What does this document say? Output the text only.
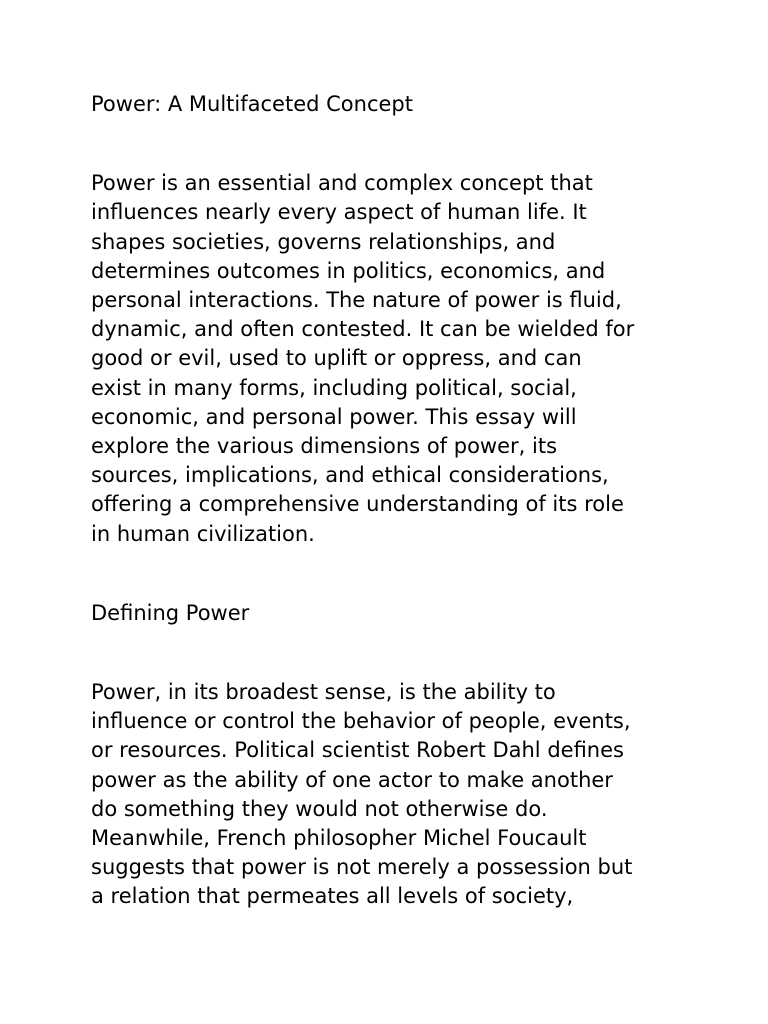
Power: A Multifaceted Concept

Power is an essential and complex concept that

influences nearly every aspect of human life. It

shapes societies, governs relationships, and

determines outcomes in politics, economics, and

personal interactions. The nature of power is fluid,

dynamic, and often contested. It can be wielded for

good or evil, used to uplift or oppress, and can

exist in many forms, including political, social,

economic, and personal power. This essay will

explore the various dimensions of power, its

sources, implications, and ethical considerations,

offering a comprehensive understanding of its role

in human civilization.

Defining Power

Power, in its broadest sense, is the ability to

influence or control the behavior of people, events,

or resources. Political scientist Robert Dahl defines

power as the ability of one actor to make another

do something they would not otherwise do.

Meanwhile, French philosopher Michel Foucault

suggests that power is not merely a possession but

a relation that permeates all levels of society,
